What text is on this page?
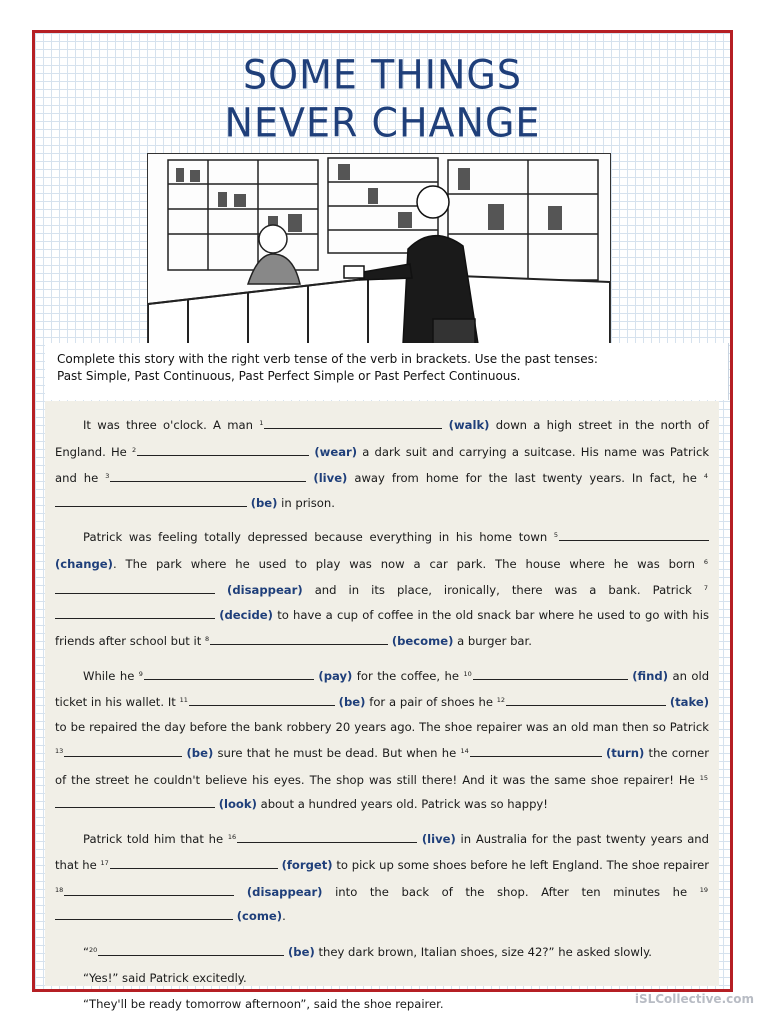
SOME THINGS
NEVER CHANGE
Complete this story with the right verb tense of the verb in brackets. Use the past tenses:
Past Simple, Past Continuous, Past Perfect Simple or Past Perfect Continuous.

It was three o'clock. A man $^1$	(walk) down a high street in the north of England. He $^2$	(wear) a dark suit and carrying a suitcase. His name was Patrick and he $^3$	(live) away from home for the last twenty years. In fact, he $^4$ (be) in prison.

Patrick was feeling totally depressed because everything in his home town $^5$ (change). The park where he used to play was now a car park. The house where he was born $^6$ (disappear) and in its place, ironically, there was a bank. Patrick $^7$ (decide) to have a cup of coffee in the old snack bar where he used to go with his friends after school but it $^8$	(become) a burger bar.

While he $^9$	(pay) for the coffee, he $^{10}$	(find) an old ticket in his wallet. It $^{11}$	(be) for a pair of shoes he $^{12}$	(take) to be repaired the day before the bank robbery 20 years ago. The shoe repairer was an old man then so Patrick $^{13}$	(be) sure that he must be dead. But when he $^{14}$	(turn) the corner of the street he couldn't believe his eyes. The shop was still there! And it was the same shoe repairer! He $^{15}$ (look) about a hundred years old. Patrick was so happy!

Patrick told him that he $^{16}$	(live) in Australia for the past twenty years and that he $^{17}$	(forget) to pick up some shoes before he left England. The shoe repairer $^{18}$	(disappear) into the back of the shop. After ten minutes he $^{19}$ (come).

“$^{20}$	(be) they dark brown, Italian shoes, size 42?” he asked slowly.

“Yes!” said Patrick excitedly.

“They'll be ready tomorrow afternoon”, said the shoe repairer.	iSLCollective.com
